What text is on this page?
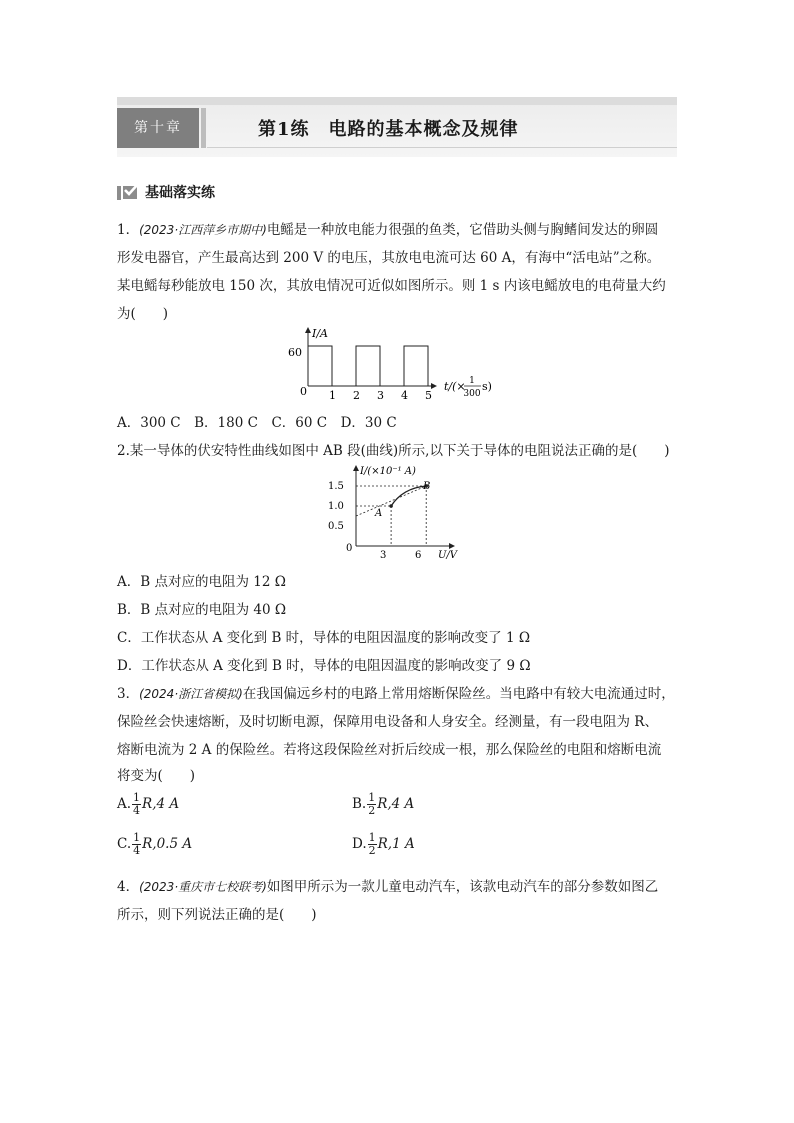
第十章	第1练　电路的基本概念及规律
基础落实练
1．(2023·江西萍乡市期中)电鳐是一种放电能力很强的鱼类，它借助头侧与胸鳍间发达的卵圆
形发电器官，产生最高达到 200 V 的电压，其放电电流可达 60 A，有海中“活电站”之称。
某电鳐每秒能放电 150 次，其放电情况可近似如图所示。则 1 s 内该电鳐放电的电荷量大约
为(　　)
I/A
60
0 1 2 3 4 5
t/(× 1
300
s)
A．300 C　B．180 C　C．60 C　D．30 C
2.某一导体的伏安特性曲线如图中 AB 段(曲线)所示,以下关于导体的电阻说法正确的是(　　)
I/(×10⁻¹ A)
1.5
1.0
0.5
0
3	6 U/V
A
B
A．B 点对应的电阻为 12 Ω
B．B 点对应的电阻为 40 Ω
C．工作状态从 A 变化到 B 时，导体的电阻因温度的影响改变了 1 Ω
D．工作状态从 A 变化到 B 时，导体的电阻因温度的影响改变了 9 Ω
3．(2024·浙江省模拟)在我国偏远乡村的电路上常用熔断保险丝。当电路中有较大电流通过时，
保险丝会快速熔断，及时切断电源，保障用电设备和人身安全。经测量，有一段电阻为 R、
熔断电流为 2 A 的保险丝。若将这段保险丝对折后绞成一根，那么保险丝的电阻和熔断电流
将变为(　　)
A. $\frac{1}{4} R,4$ A	B. $\frac{1}{2} R,4$ A
C. $\frac{1}{4} R,0.5$ A	D. $\frac{1}{2} R,1$ A
4．(2023·重庆市七校联考)如图甲所示为一款儿童电动汽车，该款电动汽车的部分参数如图乙
所示，则下列说法正确的是(　　)
